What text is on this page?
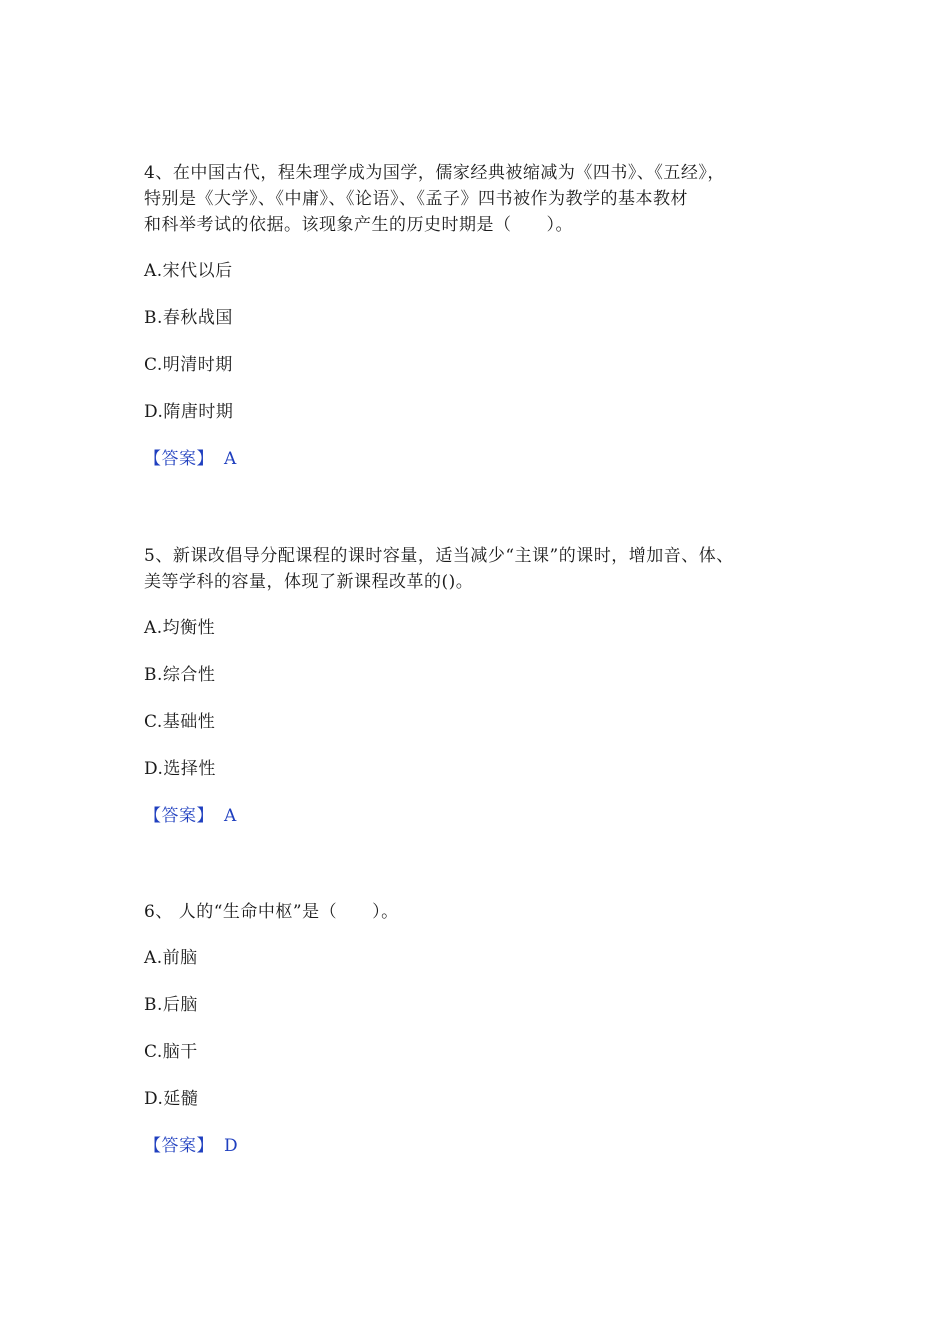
4、在中国古代，程朱理学成为国学，儒家经典被缩减为《四书》、《五经》，
特别是《大学》、《中庸》、《论语》、《孟子》四书被作为教学的基本教材
和科举考试的依据。该现象产生的历史时期是（　　）。

A.宋代以后
B.春秋战国
C.明清时期
D.隋唐时期
【答案】 A

5、新课改倡导分配课程的课时容量，适当减少“主课”的课时，增加音、体、
美等学科的容量，体现了新课程改革的()。

A.均衡性
B.综合性
C.基础性
D.选择性
【答案】 A

6、 人的“生命中枢”是（　　）。

A.前脑
B.后脑
C.脑干
D.延髓
【答案】 D
